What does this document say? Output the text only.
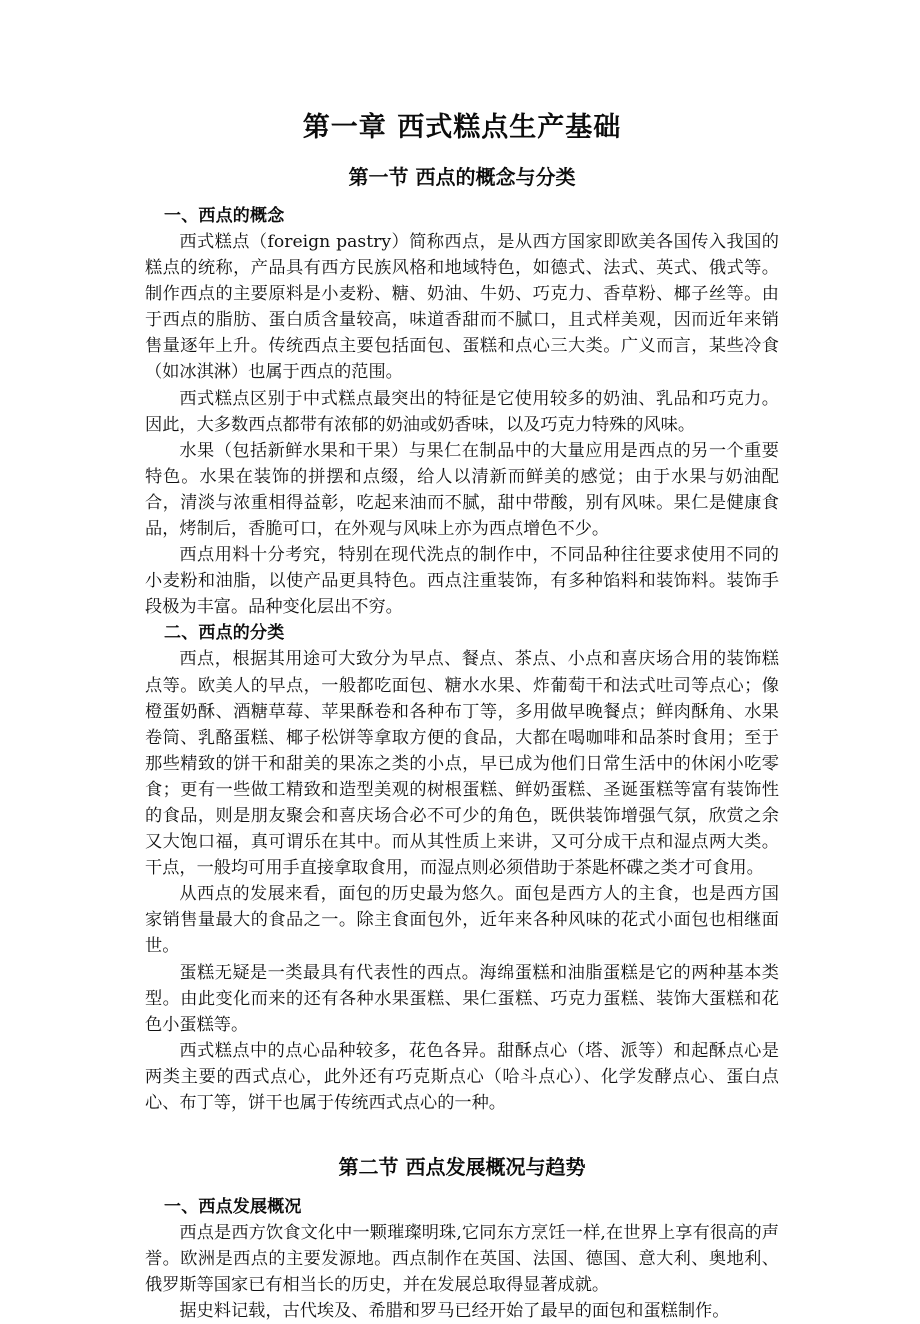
第一章 西式糕点生产基础
第一节 西点的概念与分类
一、西点的概念

西式糕点（foreign pastry）简称西点，是从西方国家即欧美各国传入我国的糕点的统称，产品具有西方民族风格和地域特色，如德式、法式、英式、俄式等。制作西点的主要原料是小麦粉、糖、奶油、牛奶、巧克力、香草粉、椰子丝等。由于西点的脂肪、蛋白质含量较高，味道香甜而不腻口，且式样美观，因而近年来销售量逐年上升。传统西点主要包括面包、蛋糕和点心三大类。广义而言，某些冷食（如冰淇淋）也属于西点的范围。

西式糕点区别于中式糕点最突出的特征是它使用较多的奶油、乳品和巧克力。因此，大多数西点都带有浓郁的奶油或奶香味，以及巧克力特殊的风味。

水果（包括新鲜水果和干果）与果仁在制品中的大量应用是西点的另一个重要特色。水果在装饰的拼摆和点缀，给人以清新而鲜美的感觉；由于水果与奶油配合，清淡与浓重相得益彰，吃起来油而不腻，甜中带酸，别有风味。果仁是健康食品，烤制后，香脆可口，在外观与风味上亦为西点增色不少。

西点用料十分考究，特别在现代洗点的制作中，不同品种往往要求使用不同的小麦粉和油脂，以使产品更具特色。西点注重装饰，有多种馅料和装饰料。装饰手段极为丰富。品种变化层出不穷。

二、西点的分类

西点，根据其用途可大致分为早点、餐点、茶点、小点和喜庆场合用的装饰糕点等。欧美人的早点，一般都吃面包、糖水水果、炸葡萄干和法式吐司等点心；像橙蛋奶酥、酒糖草莓、苹果酥卷和各种布丁等，多用做早晚餐点；鲜肉酥角、水果卷筒、乳酪蛋糕、椰子松饼等拿取方便的食品，大都在喝咖啡和品茶时食用；至于那些精致的饼干和甜美的果冻之类的小点，早已成为他们日常生活中的休闲小吃零食；更有一些做工精致和造型美观的树根蛋糕、鲜奶蛋糕、圣诞蛋糕等富有装饰性的食品，则是朋友聚会和喜庆场合必不可少的角色，既供装饰增强气氛，欣赏之余又大饱口福，真可谓乐在其中。而从其性质上来讲，又可分成干点和湿点两大类。干点，一般均可用手直接拿取食用，而湿点则必须借助于茶匙杯碟之类才可食用。

从西点的发展来看，面包的历史最为悠久。面包是西方人的主食，也是西方国家销售量最大的食品之一。除主食面包外，近年来各种风味的花式小面包也相继面世。

蛋糕无疑是一类最具有代表性的西点。海绵蛋糕和油脂蛋糕是它的两种基本类型。由此变化而来的还有各种水果蛋糕、果仁蛋糕、巧克力蛋糕、装饰大蛋糕和花色小蛋糕等。

西式糕点中的点心品种较多，花色各异。甜酥点心（塔、派等）和起酥点心是两类主要的西式点心，此外还有巧克斯点心（哈斗点心）、化学发酵点心、蛋白点心、布丁等，饼干也属于传统西式点心的一种。

第二节 西点发展概况与趋势
一、西点发展概况

西点是西方饮食文化中一颗璀璨明珠,它同东方烹饪一样,在世界上享有很高的声誉。欧洲是西点的主要发源地。西点制作在英国、法国、德国、意大利、奥地利、俄罗斯等国家已有相当长的历史，并在发展总取得显著成就。

据史料记载，古代埃及、希腊和罗马已经开始了最早的面包和蛋糕制作。
